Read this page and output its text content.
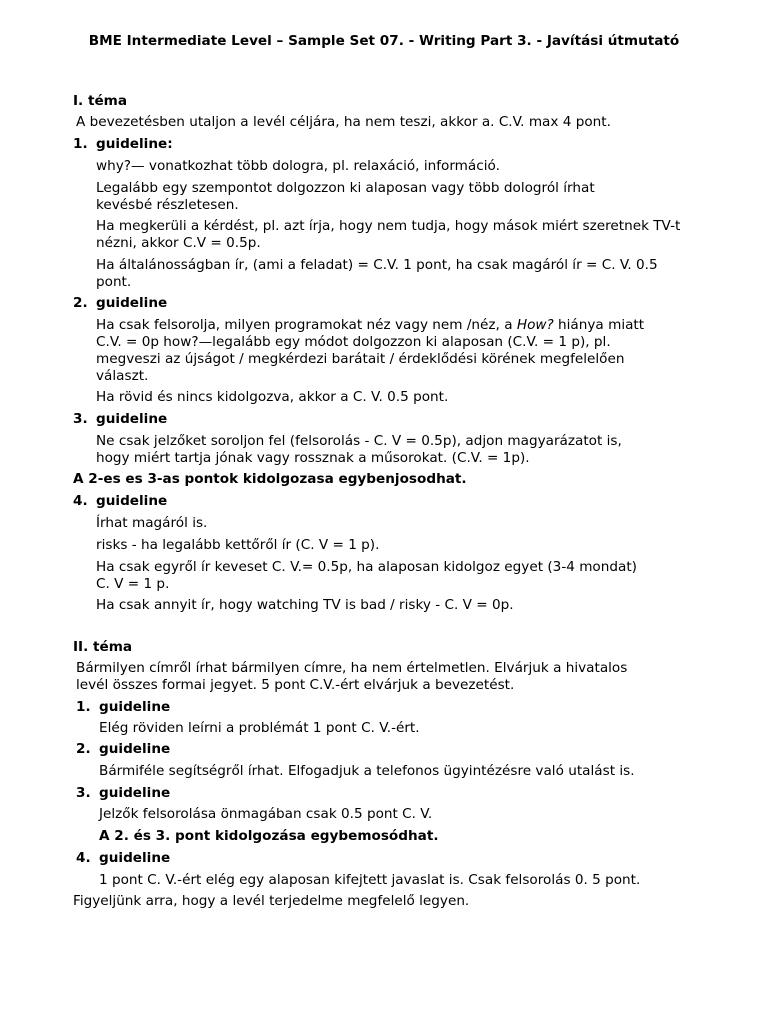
BME Intermediate Level – Sample Set 07. - Writing Part 3. - Javítási útmutató
I. téma
A bevezetésben utaljon a levél céljára, ha nem teszi, akkor a. C.V. max 4 pont.
1. guideline:
why?— vonatkozhat több dologra, pl. relaxáció, információ.
Legalább egy szempontot dolgozzon ki alaposan vagy több dologról írhat
kevésbé részletesen.
Ha megkerüli a kérdést, pl. azt írja, hogy nem tudja, hogy mások miért szeretnek TV-t
nézni, akkor C.V = 0.5p.
Ha általánosságban ír, (ami a feladat) = C.V. 1 pont, ha csak magáról ír = C. V. 0.5
pont.
2. guideline
Ha csak felsorolja, milyen programokat néz vagy nem /néz, a How? hiánya miatt
C.V. = 0p how?—legalább egy módot dolgozzon ki alaposan (C.V. = 1 p), pl.
megveszi az újságot / megkérdezi barátait / érdeklődési körének megfelelően
választ.
Ha rövid és nincs kidolgozva, akkor a C. V. 0.5 pont.
3. guideline
Ne csak jelzőket soroljon fel (felsorolás - C. V = 0.5p), adjon magyarázatot is,
hogy miért tartja jónak vagy rossznak a műsorokat. (C.V. = 1p).
A 2-es es 3-as pontok kidolgozasa egybenjosodhat.
4. guideline
Írhat magáról is.
risks - ha legalább kettőről ír (C. V = 1 p).
Ha csak egyről ír keveset C. V.= 0.5p, ha alaposan kidolgoz egyet (3-4 mondat)
C. V = 1 p.
Ha csak annyit ír, hogy watching TV is bad / risky - C. V = 0p.
II. téma
Bármilyen címről írhat bármilyen címre, ha nem értelmetlen. Elvárjuk a hivatalos
levél összes formai jegyet. 5 pont C.V.-ért elvárjuk a bevezetést.
1. guideline
Elég röviden leírni a problémát 1 pont C. V.-ért.
2. guideline
Bármiféle segítségről írhat. Elfogadjuk a telefonos ügyintézésre való utalást is.
3. guideline
Jelzők felsorolása önmagában csak 0.5 pont C. V.
A 2. és 3. pont kidolgozása egybemosódhat.
4. guideline
1 pont C. V.-ért elég egy alaposan kifejtett javaslat is. Csak felsorolás 0. 5 pont.
Figyeljünk arra, hogy a levél terjedelme megfelelő legyen.
